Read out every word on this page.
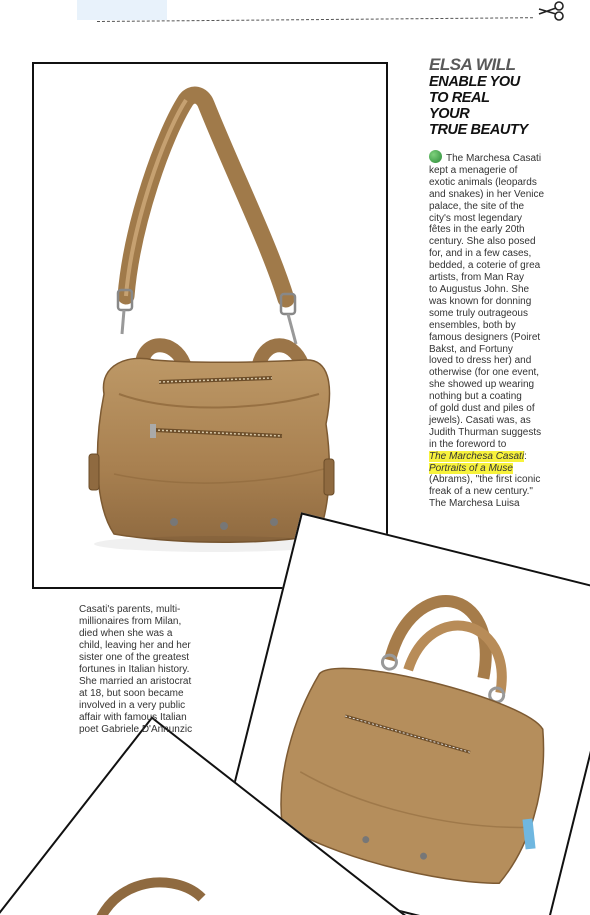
ELSA WILL
ENABLE YOU
TO REAL
YOUR
TRUE BEAUTY

The Marchesa Casati

kept a menagerie of

exotic animals (leopards

and snakes) in her Venice

palace, the site of the

city's most legendary

fêtes in the early 20th

century. She also posed

for, and in a few cases,

bedded, a coterie of grea

artists, from Man Ray

to Augustus John. She

was known for donning

some truly outrageous

ensembles, both by

famous designers (Poiret

Bakst, and Fortuny

loved to dress her) and

otherwise (for one event,

she showed up wearing

nothing but a coating

of gold dust and piles of

jewels). Casati was, as

Judith Thurman suggests

in the foreword to

The Marchesa Casati:

Portraits of a Muse

(Abrams), "the first iconic

freak of a new century."

The Marchesa Luisa

Casati's parents, multi-

millionaires from Milan,

died when she was a

child, leaving her and her

sister one of the greatest

fortunes in Italian history.

She married an aristocrat

at 18, but soon became

involved in a very public

affair with famous Italian

poet Gabriele D'Annunzic
